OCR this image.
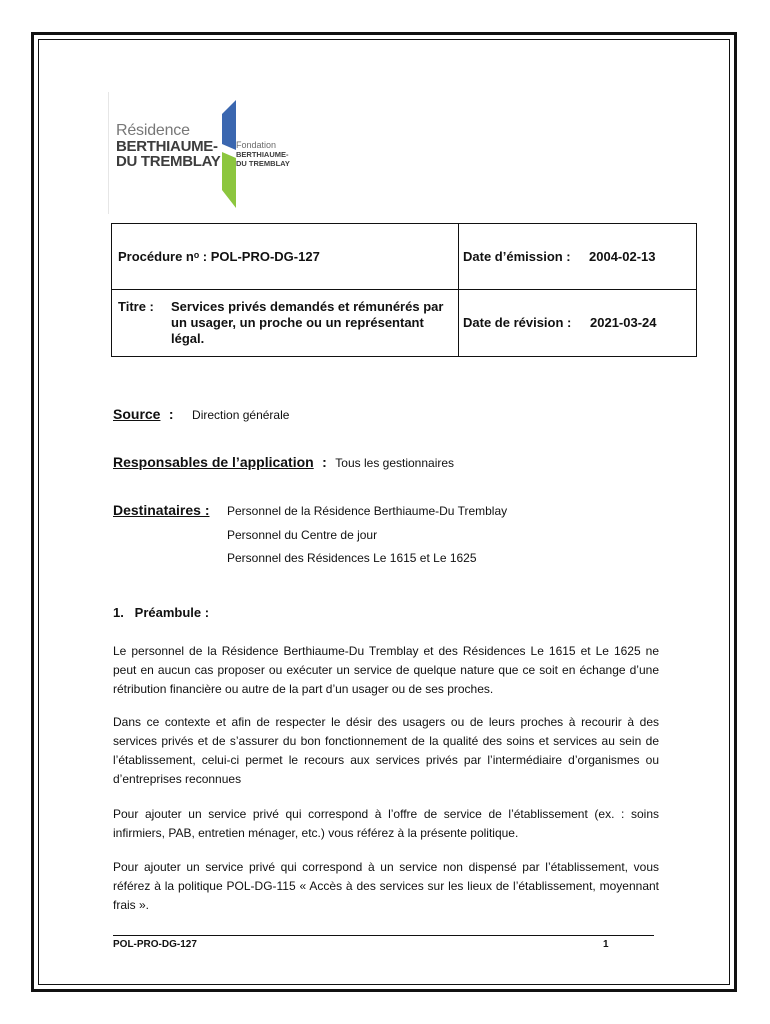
Résidence
BERTHIAUME-
DU TREMBLAY
Fondation
BERTHIAUME-
DU TREMBLAY
Procédure nᵒ : POL-PRO-DG-127	Date d’émission : 2004-02-13
Titre : Services privés demandés et rémunérés par un usager, un proche ou un représentant légal.
Date de révision : 2021-03-24
Source : Direction générale
Responsables de l’application : Tous les gestionnaires
Destinataires : Personnel de la Résidence Berthiaume-Du Tremblay
Personnel du Centre de jour
Personnel des Résidences Le 1615 et Le 1625
1.   Préambule :
Le personnel de la Résidence Berthiaume-Du Tremblay et des Résidences Le 1615 et Le 1625 ne peut en aucun cas proposer ou exécuter un service de quelque nature que ce soit en échange d’une rétribution financière ou autre de la part d’un usager ou de ses proches.
Dans ce contexte et afin de respecter le désir des usagers ou de leurs proches à recourir à des services privés et de s’assurer du bon fonctionnement de la qualité des soins et services au sein de l’établissement, celui-ci permet le recours aux services privés par l’intermédiaire d’organismes ou d’entreprises reconnues
Pour ajouter un service privé qui correspond à l’offre de service de l’établissement (ex. : soins infirmiers, PAB, entretien ménager, etc.) vous référez à la présente politique.
Pour ajouter un service privé qui correspond à un service non dispensé par l’établissement, vous référez à la politique POL-DG-115 « Accès à des services sur les lieux de l’établissement, moyennant frais ».
POL-PRO-DG-127	1
